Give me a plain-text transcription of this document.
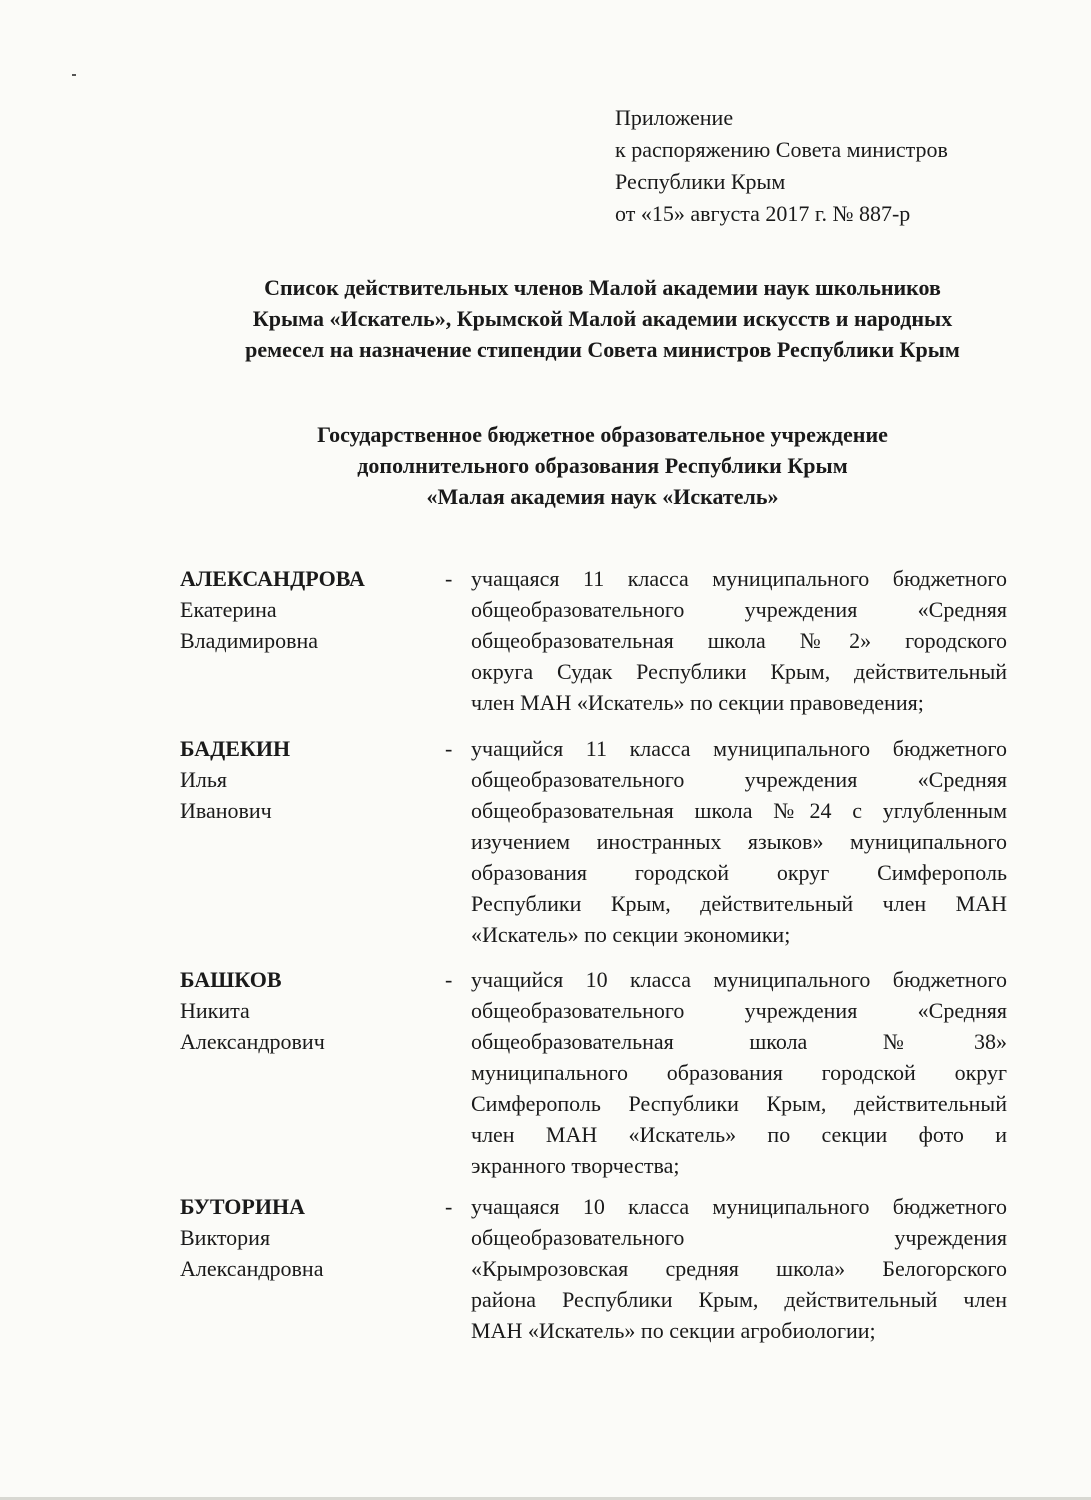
Приложение
к распоряжению Совета министров
Республики Крым
от «15» августа 2017 г. № 887-р
Список действительных членов Малой академии наук школьников
Крыма «Искатель», Крымской Малой академии искусств и народных
ремесел на назначение стипендии Совета министров Республики Крым
Государственное бюджетное образовательное учреждение
дополнительного образования Республики Крым
«Малая академия наук «Искатель»
АЛЕКСАНДРОВА
Екатерина
Владимировна
- учащаяся 11 класса муниципального бюджетного
общеобразовательного учреждения «Средняя
общеобразовательная школа №2» городского
округа Судак Республики Крым, действительный
член МАН «Искатель» по секции правоведения;
БАДЕКИН
Илья
Иванович
- учащийся 11 класса муниципального бюджетного
общеобразовательного учреждения «Средняя
общеобразовательная школа №24 с углубленным
изучением иностранных языков» муниципального
образования городской округ Симферополь
Республики Крым, действительный член МАН
«Искатель» по секции экономики;
БАШКОВ
Никита
Александрович
- учащийся 10 класса муниципального бюджетного
общеобразовательного учреждения «Средняя
общеобразовательная школа №38»
муниципального образования городской округ
Симферополь Республики Крым, действительный
член МАН «Искатель» по секции фото и
экранного творчества;
БУТОРИНА
Виктория
Александровна
- учащаяся 10 класса муниципального бюджетного
общеобразовательного учреждения
«Крымрозовская средняя школа» Белогорского
района Республики Крым, действительный член
МАН «Искатель» по секции агробиологии;
